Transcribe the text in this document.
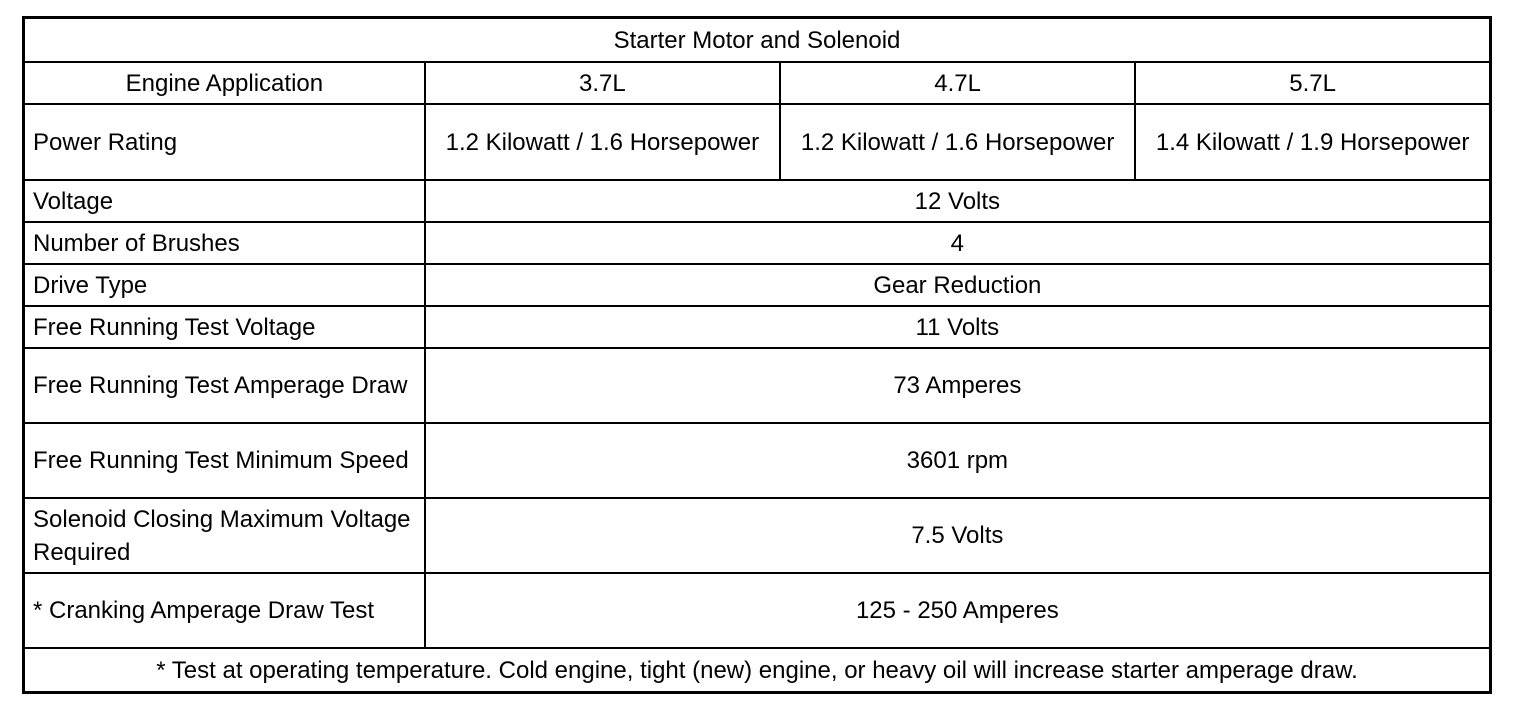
Starter Motor and Solenoid			
Engine Application	3.7L	4.7L	5.7L
Power Rating	1.2 Kilowatt / 1.6 Horsepower	1.2 Kilowatt / 1.6 Horsepower	1.4 Kilowatt / 1.9 Horsepower
Voltage	12 Volts		
Number of Brushes	4		
Drive Type	Gear Reduction		
Free Running Test Voltage	11 Volts		
Free Running Test Amperage Draw	73 Amperes		
Free Running Test Minimum Speed	3601 rpm		
Solenoid Closing Maximum Voltage Required	7.5 Volts		
* Cranking Amperage Draw Test	125 - 250 Amperes		
* Test at operating temperature. Cold engine, tight (new) engine, or heavy oil will increase starter amperage draw.			
